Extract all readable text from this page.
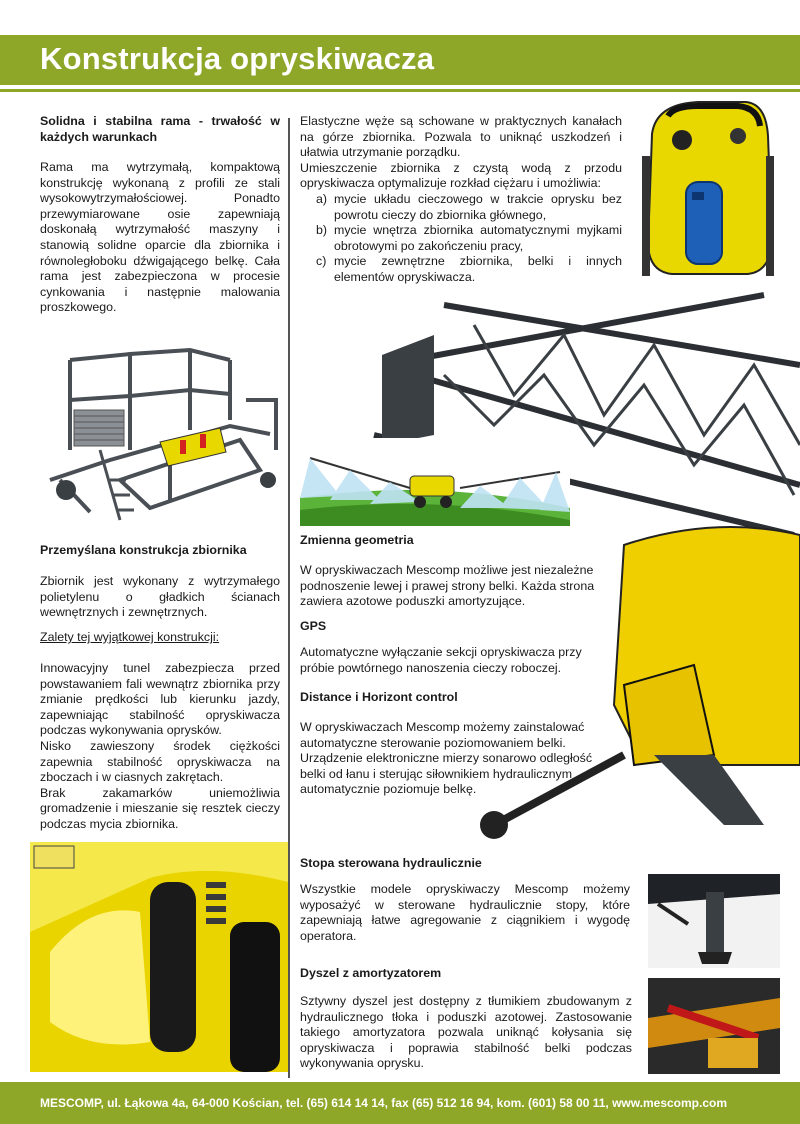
Konstrukcja opryskiwacza
Solidna i stabilna rama - trwałość w każdych warunkach
Rama ma wytrzymałą, kompaktową konstrukcję wykonaną z profili ze stali wysokowytrzymałościowej. Ponadto przewymiarowane osie zapewniają doskonałą wytrzymałość maszyny i stanowią solidne oparcie dla zbiornika i równoległoboku dźwigającego belkę. Cała rama jest zabezpieczona w procesie cynkowania i następnie malowania proszkowego.

Elastyczne węże są schowane w praktycznych kanałach na górze zbiornika. Pozwala to uniknąć uszkodzeń i ułatwia utrzymanie porządku.

Umieszczenie zbiornika z czystą wodą z przodu opryskiwacza optymalizuje rozkład ciężaru i umożliwia:

a) mycie układu cieczowego w trakcie oprysku bez powrotu cieczy do zbiornika głównego,
b) mycie wnętrza zbiornika automatycznymi myjkami obrotowymi po zakończeniu pracy,
c) mycie zewnętrzne zbiornika, belki i innych elementów opryskiwacza.
Przemyślana konstrukcja zbiornika
Zbiornik jest wykonany z wytrzymałego polietylenu o gładkich ścianach wewnętrznych i zewnętrznych.
Zalety tej wyjątkowej konstrukcji:

Innowacyjny tunel zabezpiecza przed powstawaniem fali wewnątrz zbiornika przy zmianie prędkości lub kierunku jazdy, zapewniając stabilność opryskiwacza podczas wykonywania oprysków.

Nisko zawieszony środek ciężkości zapewnia stabilność opryskiwacza na zboczach i w ciasnych zakrętach.

Brak zakamarków uniemożliwia gromadzenie i mieszanie się resztek cieczy podczas mycia zbiornika.

Zmienna geometria
W opryskiwaczach Mescomp możliwe jest niezależne podnoszenie lewej i prawej strony belki. Każda strona zawiera azotowe poduszki amortyzujące.
GPS
Automatyczne wyłączanie sekcji opryskiwacza przy próbie powtórnego nanoszenia cieczy roboczej.
Distance i Horizont control
W opryskiwaczach Mescomp możemy zainstalować automatyczne sterowanie poziomowaniem belki. Urządzenie elektroniczne mierzy sonarowo odległość belki od łanu i sterując siłownikiem hydraulicznym automatycznie poziomuje belkę.
Stopa sterowana hydraulicznie
Wszystkie modele opryskiwaczy Mescomp możemy wyposażyć w sterowane hydraulicznie stopy, które zapewniają łatwe agregowanie z ciągnikiem i wygodę operatora.
Dyszel z amortyzatorem
Sztywny dyszel jest dostępny z tłumikiem zbudowanym z hydraulicznego tłoka i poduszki azotowej. Zastosowanie takiego amortyzatora pozwala uniknąć kołysania się opryskiwacza i poprawia stabilność belki podczas wykonywania oprysku.
MESCOMP, ul. Łąkowa 4a, 64-000 Kościan, tel. (65) 614 14 14, fax (65) 512 16 94, kom. (601) 58 00 11, www.mescomp.com
